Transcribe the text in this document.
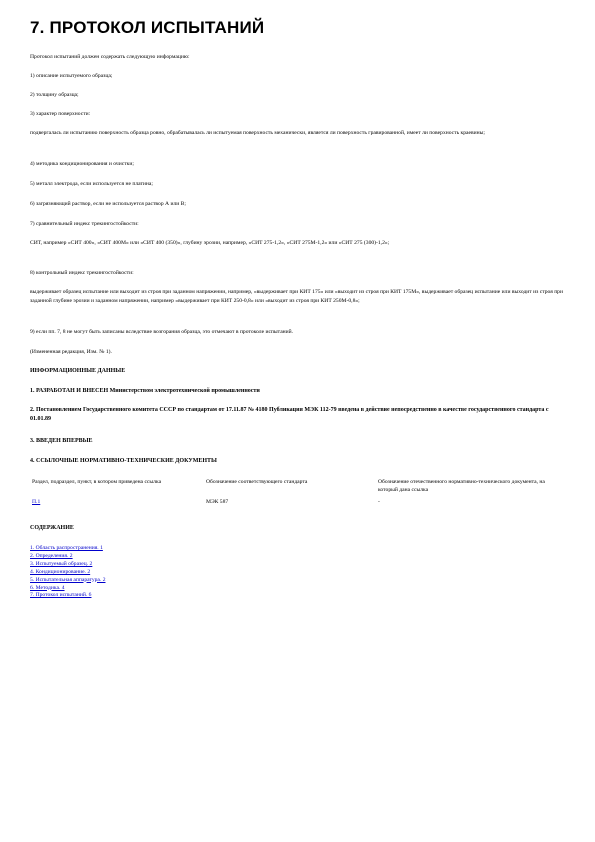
7. ПРОТОКОЛ ИСПЫТАНИЙ
Протокол испытаний должен содержать следующую информацию:
1) описание испытуемого образца;
2) толщину образца;
3) характер поверхности:
подвергалась ли испытанию поверхность образца ровно, обрабатывалась ли испытуемая поверхность механически, является ли поверхность гравированной, имеет ли поверхность краевины;
4) методика кондиционирования и очистки;
5) металл электрода, если используется не платина;
6) загрязняющий раствор, если не используется раствор А или В;
7) сравнительный индекс трекингостойкости:
СИТ, например «СИТ 400», «СИТ 400М» или «СИТ 400 (350)», глубину эрозии, например, «СИТ 275-1,2», «СИТ 275М-1,2» или «СИТ 275 (300)-1,2»;
8) контрольный индекс трекингостойкости:
выдерживает образец испытание или выходит из строя при заданном напряжении, например, «выдерживает при КИТ 175» или «выходит из строя при КИТ 175М», выдерживает образец испытание или выходит из строя при заданной глубине эрозии и заданном напряжении, например «выдерживает при КИТ 250-0,8» или «выходит из строя при КИТ 250М-0,8»;
9) если пп. 7, 8 не могут быть записаны вследствие возгорания образца, это отмечают в протоколе испытаний.
(Измененная редакция, Изм. № 1).
ИНФОРМАЦИОННЫЕ ДАННЫЕ
1. РАЗРАБОТАН И ВНЕСЕН Министерством электротехнической промышленности
2. Постановлением Государственного комитета СССР по стандартам от 17.11.87 № 4180 Публикация МЭК 112-79 введена в действие непосредственно в качестве государственного стандарта с 01.01.89
3. ВВЕДЕН ВПЕРВЫЕ
4. ССЫЛОЧНЫЕ НОРМАТИВНО-ТЕХНИЧЕСКИЕ ДОКУМЕНТЫ
Раздел, подраздел, пункт, в котором приведена ссылка	Обозначение соответствующего стандарта	Обозначение отечественного нормативно-технического документа, на который дана ссылка
П.1	МЭК 587	-
СОДЕРЖАНИЕ
1. Область распространения. 1
2. Определения. 2
3. Испытуемый образец. 2
4. Кондиционирование. 2
5. Испытательная аппаратура. 2
6. Методика. 4
7. Протокол испытаний. 6
